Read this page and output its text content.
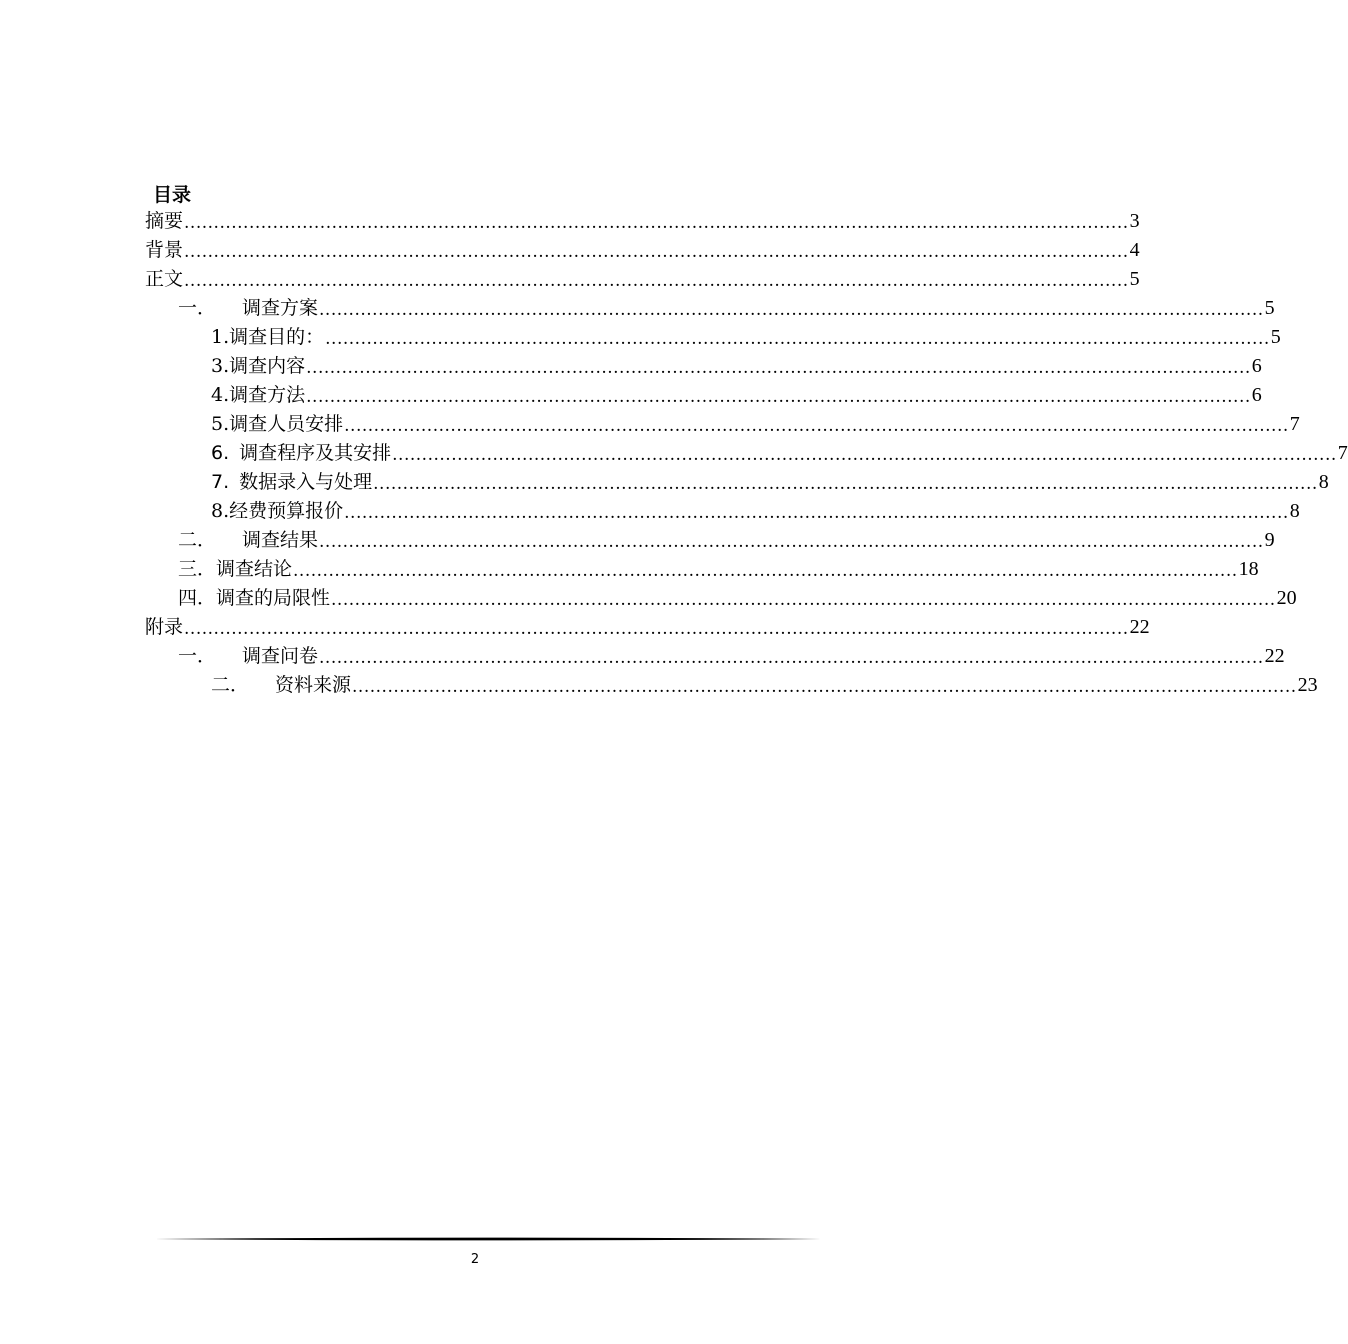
目录
摘要 ................................................................................................................................................................ 3
背景 ................................................................................................................................................................ 4
正文 ................................................................................................................................................................ 5
一． 调查方案 ................................................................................................................................................................ 5
1. 调查目的： ................................................................................................................................................................ 5
3. 调查内容 ................................................................................................................................................................ 6
4. 调查方法 ................................................................................................................................................................ 6
5. 调查人员安排 ................................................................................................................................................................ 7
6. 调查程序及其安排 ................................................................................................................................................................ 7
7. 数据录入与处理 ................................................................................................................................................................ 8
8. 经费预算报价 ................................................................................................................................................................ 8
二． 调查结果 ................................................................................................................................................................ 9
三． 调查结论 ................................................................................................................................................................ 18
四． 调查的局限性 ................................................................................................................................................................ 20
附录 ................................................................................................................................................................ 22
一． 调查问卷 ................................................................................................................................................................ 22
二． 资料来源 ................................................................................................................................................................ 23
2
